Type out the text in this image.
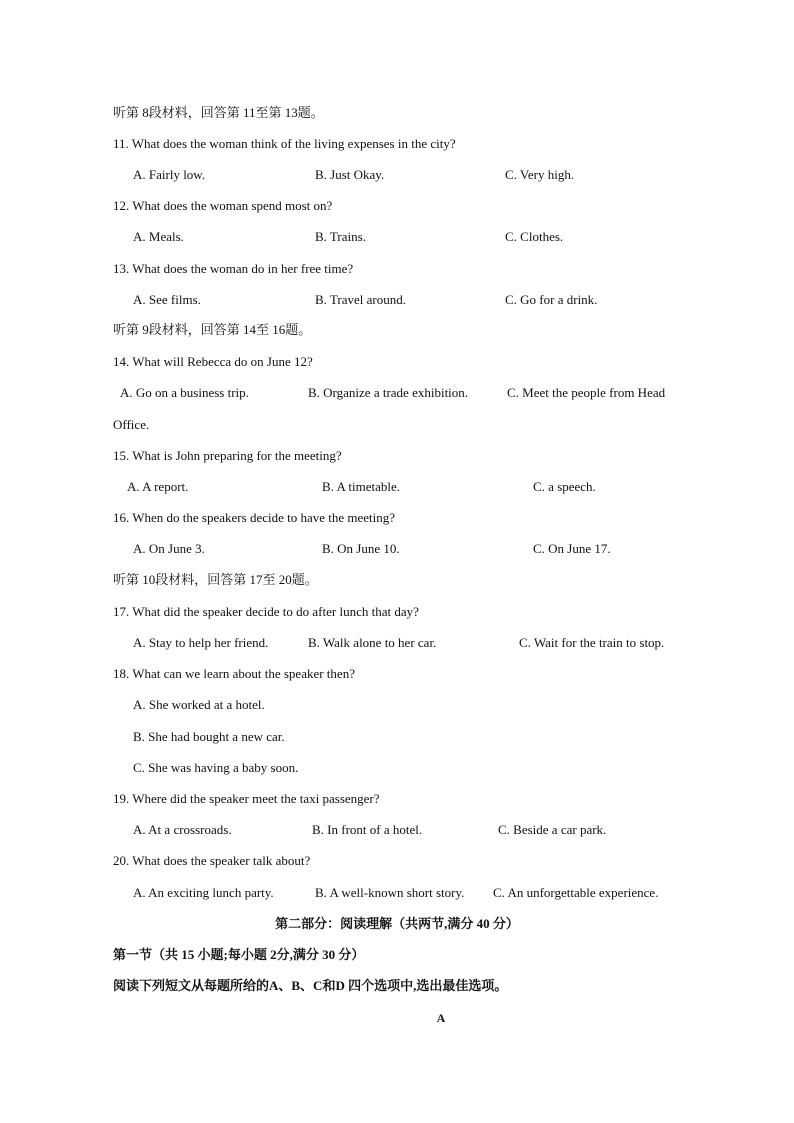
听第 8段材料，回答第 11至第 13题。
11. What does the woman think of the living expenses in the city?
A. Fairly low.	B. Just Okay.	C. Very high.
12. What does the woman spend most on?
A. Meals.	B. Trains.	C. Clothes.
13. What does the woman do in her free time?
A. See films.	B. Travel around.	C. Go for a drink.
听第 9段材料，回答第 14至 16题。
14. What will Rebecca do on June 12?
A. Go on a business trip.	B. Organize a trade exhibition.	C. Meet the people from Head
Office.
15. What is John preparing for the meeting?
A. A report.	B. A timetable.	C. a speech.
16. When do the speakers decide to have the meeting?
A. On June 3.	B. On June 10.	C. On June 17.
听第 10段材料，回答第 17至 20题。
17. What did the speaker decide to do after lunch that day?
A. Stay to help her friend.	B. Walk alone to her car.	C. Wait for the train to stop.
18. What can we learn about the speaker then?
A. She worked at a hotel.
B. She had bought a new car.
C. She was having a baby soon.
19. Where did the speaker meet the taxi passenger?
A. At a crossroads.	B. In front of a hotel.	C. Beside a car park.
20. What does the speaker talk about?
A. An exciting lunch party.	B. A well-known short story. C. An unforgettable experience.
第二部分：阅读理解（共两节,满分 40 分）
第一节（共 15 小题;每小题 2分,满分 30 分）
阅读下列短文从每题所给的A、B、C和D 四个选项中,选出最佳选项。
A
